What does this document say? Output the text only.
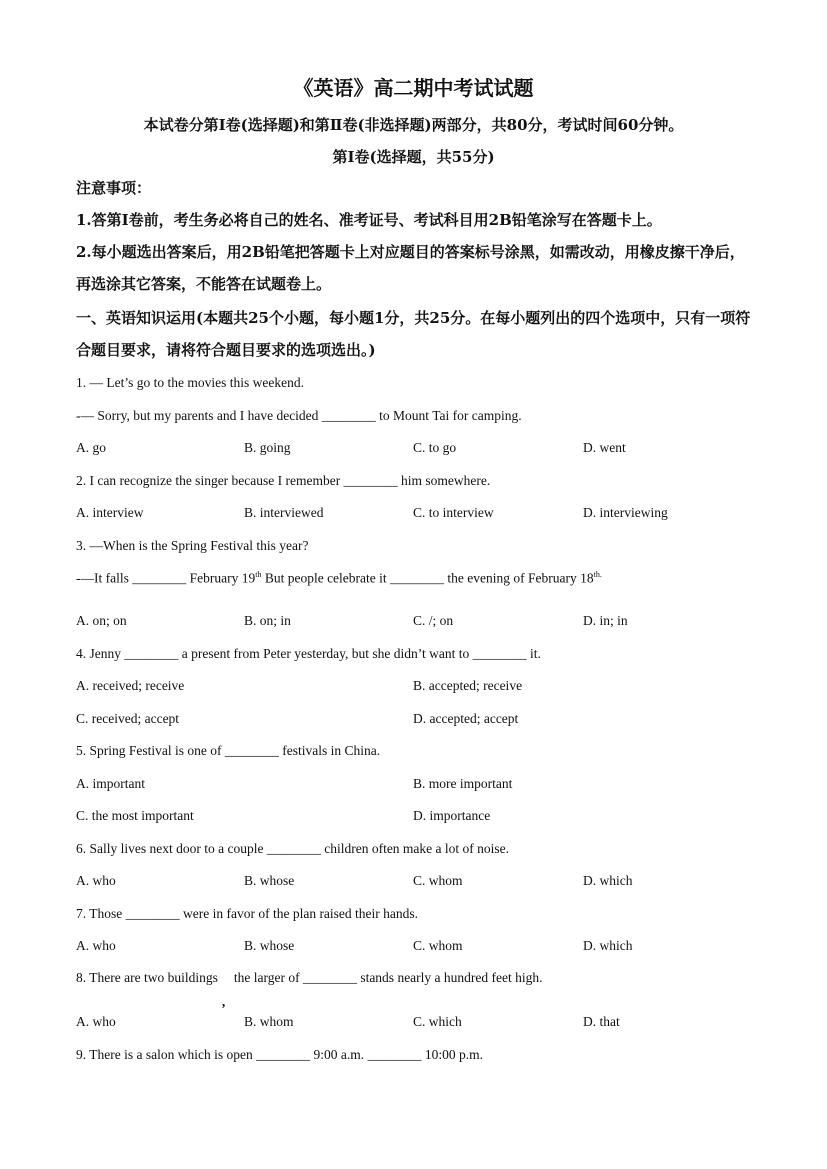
《英语》高二期中考试试题
本试卷分第Ⅰ卷(选择题)和第Ⅱ卷(非选择题)两部分，共80分，考试时间60分钟。
第Ⅰ卷(选择题，共55分)
注意事项：
1.答第Ⅰ卷前，考生务必将自己的姓名、准考证号、考试科目用2B铅笔涂写在答题卡上。
2.每小题选出答案后，用2B铅笔把答题卡上对应题目的答案标号涂黑，如需改动，用橡皮擦干净后，再选涂其它答案，不能答在试题卷上。
一、英语知识运用(本题共25个小题，每小题1分，共25分。在每小题列出的四个选项中，只有一项符合题目要求，请将符合题目要求的选项选出。)
1. — Let’s go to the movies this weekend.
-— Sorry, but my parents and I have decided ________ to Mount Tai for camping.
A. go	B. going	C. to go	D. went
2. I can recognize the singer because I remember ________ him somewhere.
A. interview	B. interviewed	C. to interview	D. interviewing
3. —When is the Spring Festival this year?
-—It falls ________ February 19th But people celebrate it ________ the evening of February $18^{th.}$
A. on; on	B. on; in	C. /; on	D. in; in
4. Jenny ________ a present from Peter yesterday, but she didn’t want to ________ it.
A. received; receive	B. accepted; receive
C. received; accept	D. accepted; accept
5. Spring Festival is one of ________ festivals in China.
A. important	B. more important
C. the most important	D. importance
6. Sally lives next door to a couple ________ children often make a lot of noise.
A. who	B. whose	C. whom	D. which
7. Those ________ were in favor of the plan raised their hands.
A. who	B. whose	C. whom	D. which
8. There are two buildings
,
the larger of ________ stands nearly a hundred feet high.
A. who	B. whom	C. which	D. that
9. There is a salon which is open ________ 9:00 a.m. ________ 10:00 p.m.
